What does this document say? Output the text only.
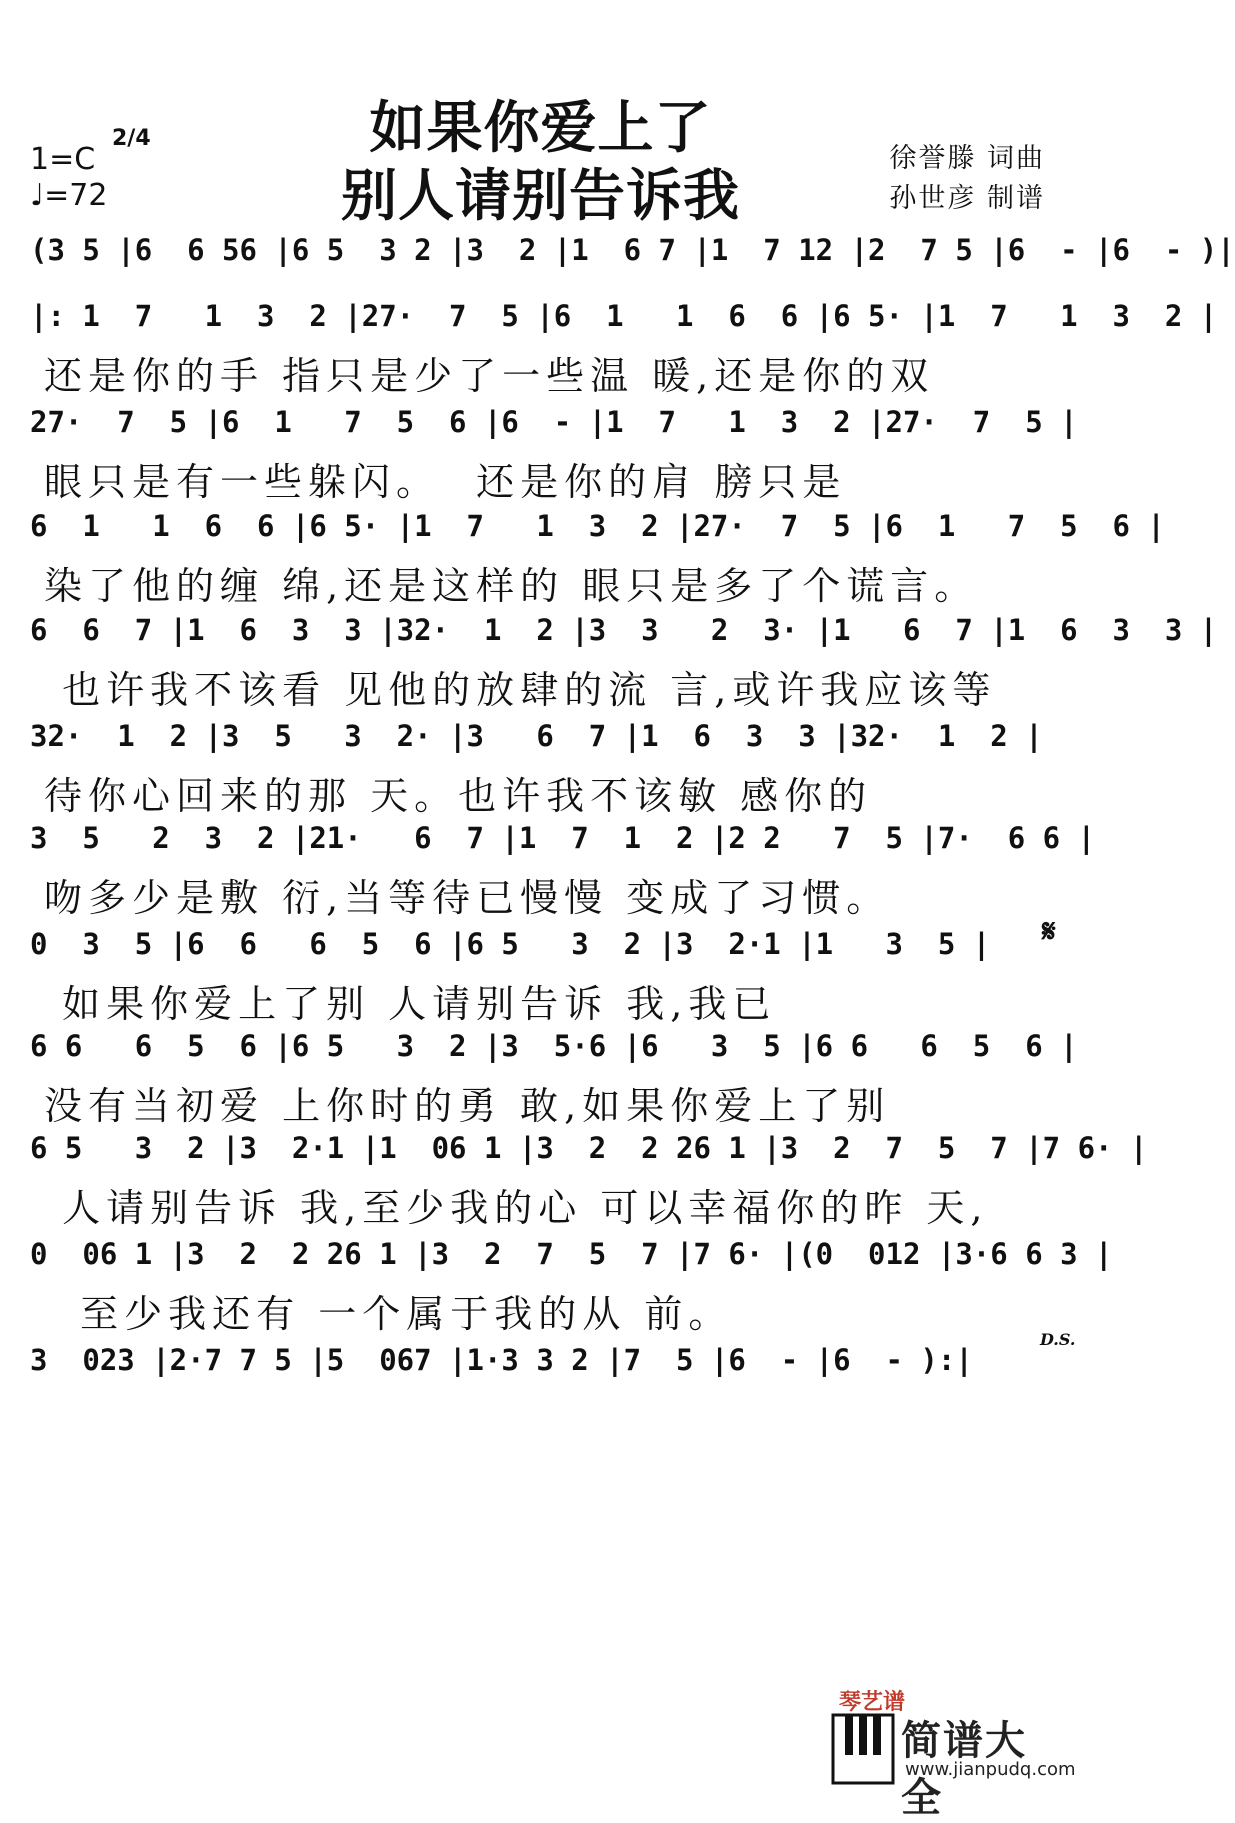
如果你爱上了
别人请别告诉我
1=C
2/4
♩=72
徐誉滕 词曲
孙世彦 制谱
(3 5 |6  6 56 |6 5  3 2 |3  2 |1  6 7 |1  7 12 |2  7 5 |6  - |6  - )|
|: 1  7   1  3  2 |27·  7  5 |6  1   1  6  6 |6 5· |1  7   1  3  2 |
还是你的手 指只是少了一些温 暖,还是你的双
27·  7  5 |6  1   7  5  6 |6  - |1  7   1  3  2 |27·  7  5 |
眼只是有一些躲闪。  还是你的肩 膀只是
6  1   1  6  6 |6 5· |1  7   1  3  2 |27·  7  5 |6  1   7  5  6 |
染了他的缠 绵,还是这样的 眼只是多了个谎言。
6  6  7 |1  6  3  3 |32·  1  2 |3  3   2  3· |1   6  7 |1  6  3  3 |
也许我不该看 见他的放肆的流 言,或许我应该等
32·  1  2 |3  5   3  2· |3   6  7 |1  6  3  3 |32·  1  2 |
待你心回来的那 天。也许我不该敏 感你的
3  5   2  3  2 |21·   6  7 |1  7  1  2 |2 2   7  5 |7·  6 6 |
吻多少是敷 衍,当等待已慢慢 变成了习惯。
0  3  5 |6  6   6  5  6 |6 5   3  2 |3  2·1 |1   3  5 |
如果你爱上了别 人请别告诉 我,我已
6 6   6  5  6 |6 5   3  2 |3  5·6 |6   3  5 |6 6   6  5  6 |
没有当初爱 上你时的勇 敢,如果你爱上了别
6 5   3  2 |3  2·1 |1  06 1 |3  2  2 26 1 |3  2  7  5  7 |7 6· |
人请别告诉 我,至少我的心 可以幸福你的昨 天,
0  06 1 |3  2  2 26 1 |3  2  7  5  7 |7 6· |(0  012 |3·6 6 3 |
至少我还有 一个属于我的从 前。
3  023 |2·7 7 5 |5  067 |1·3 3 2 |7  5 |6  - |6  - ):|
𝄋
D.S.
琴艺谱
简谱大全
www.jianpudq.com
